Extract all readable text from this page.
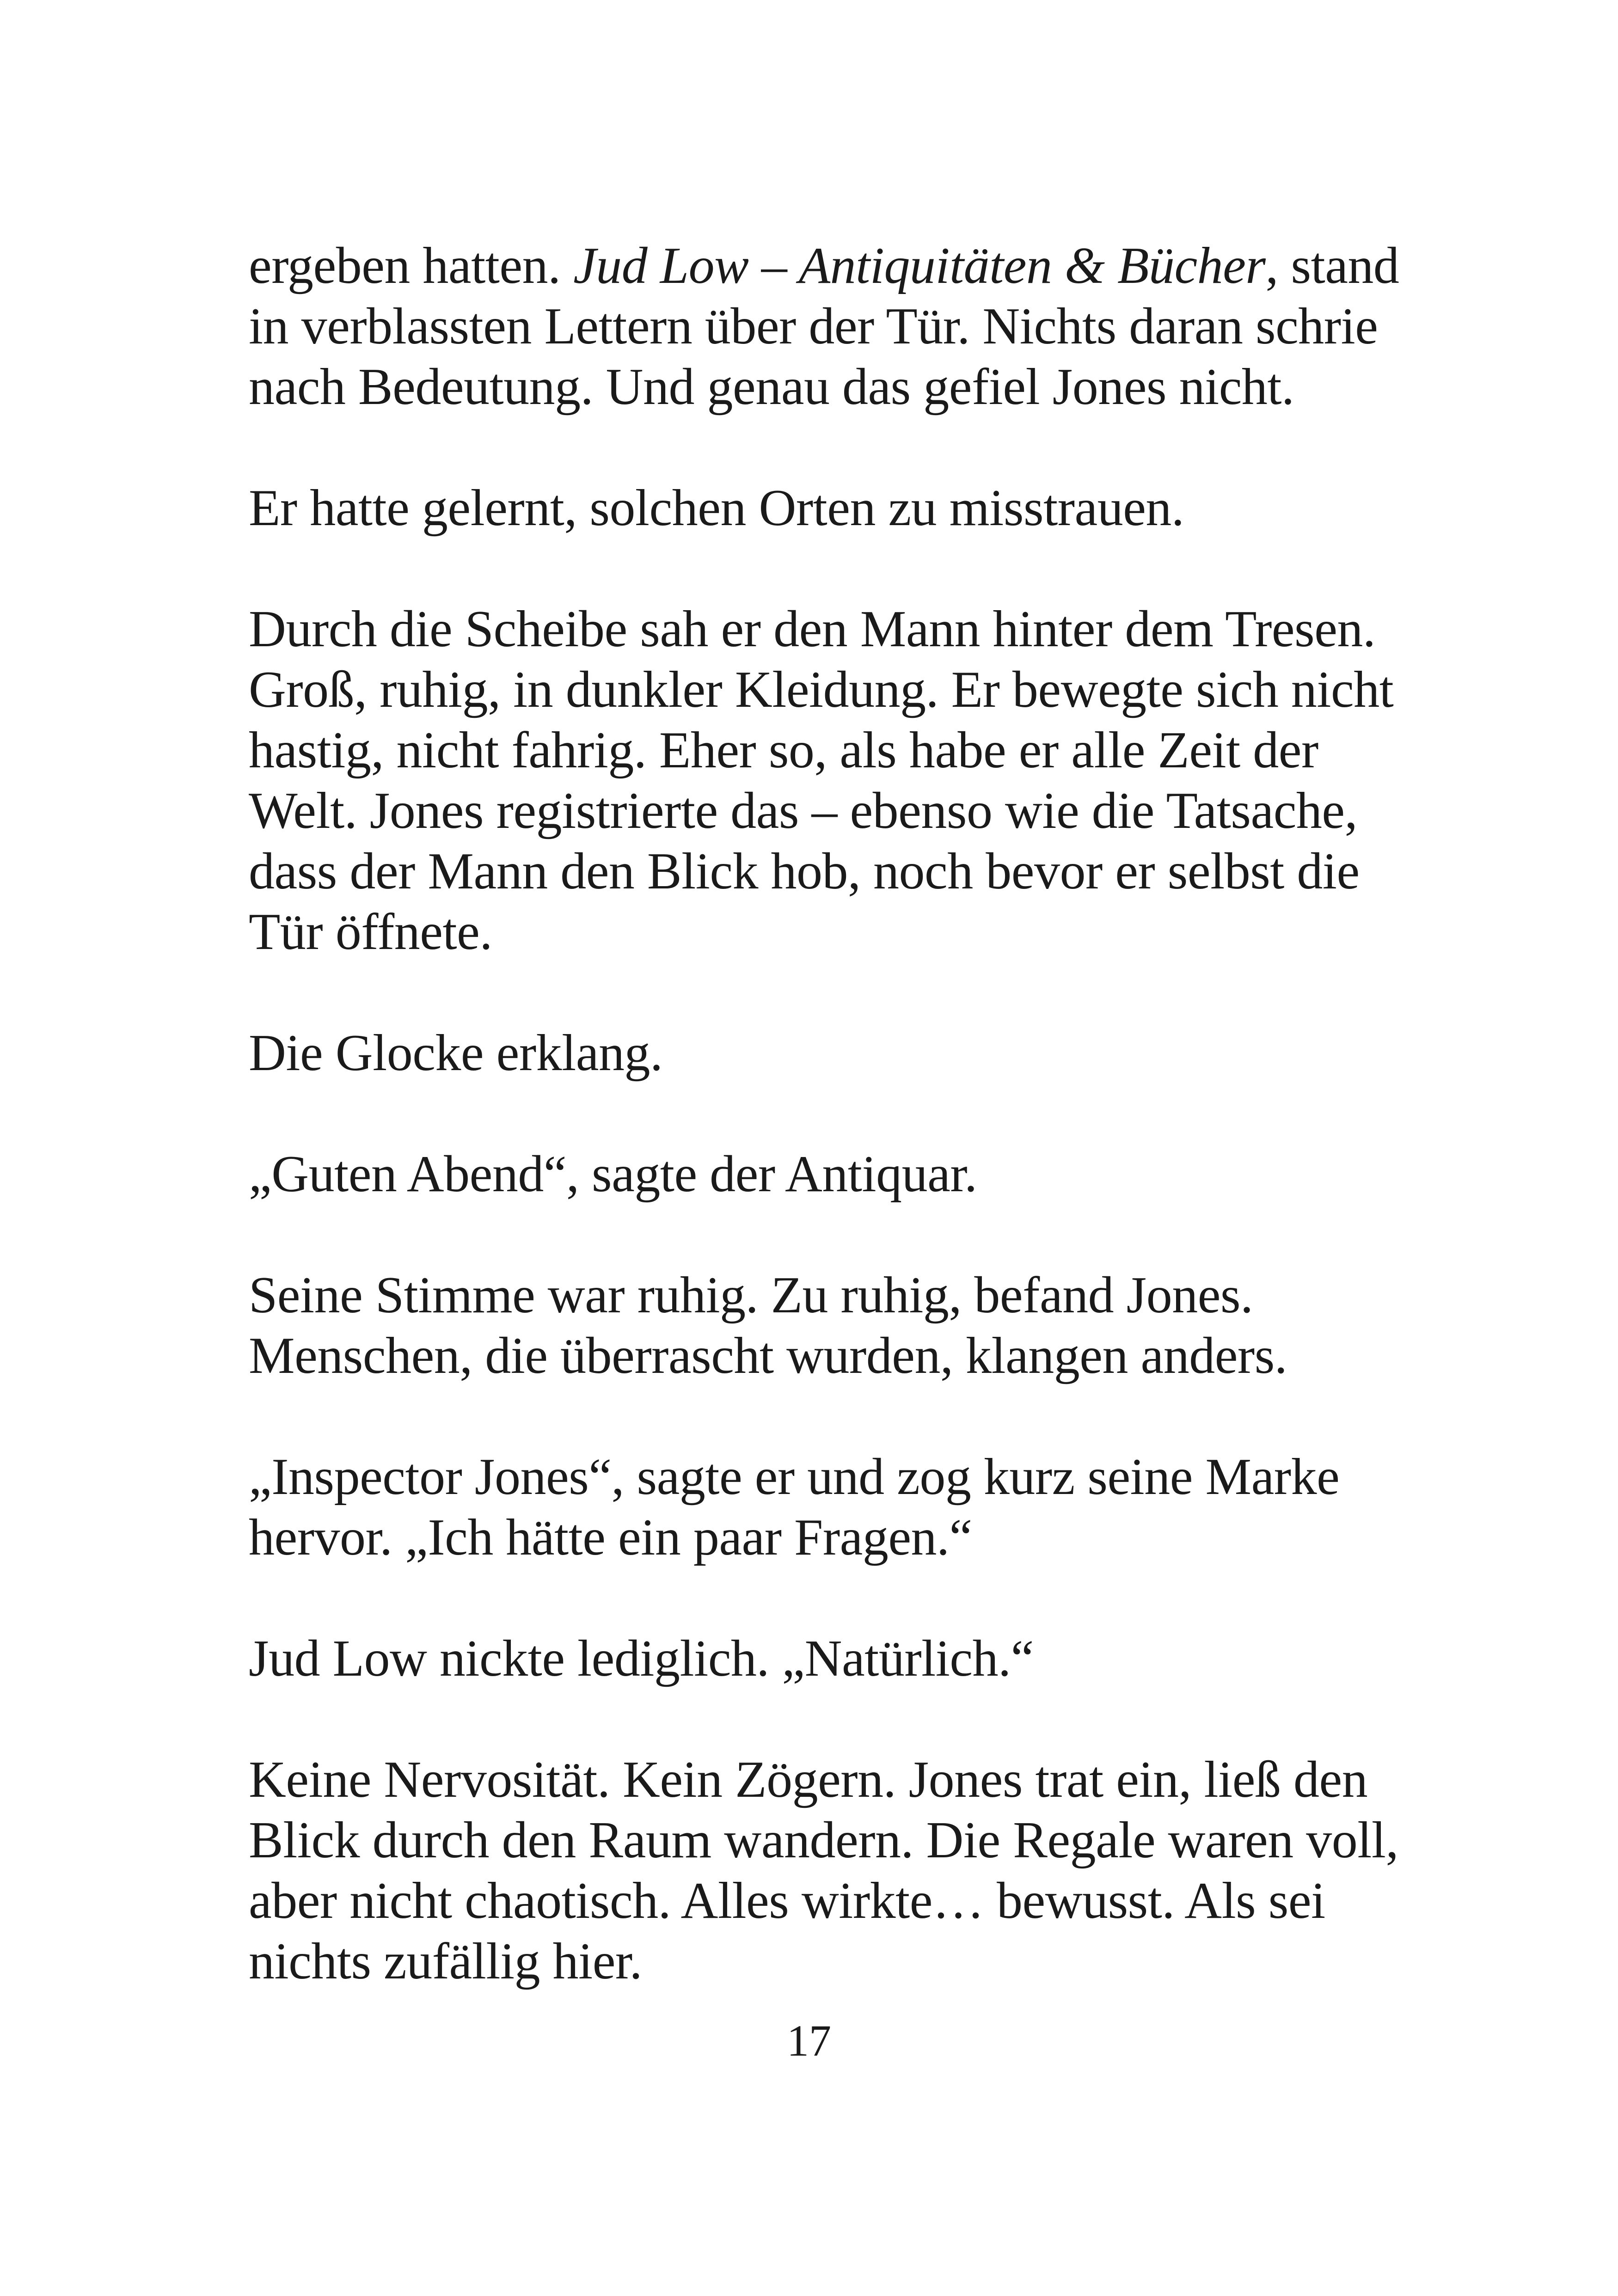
ergeben hatten. Jud Low – Antiquitäten & Bücher, stand in verblassten Lettern über der Tür. Nichts daran schrie nach Bedeutung. Und genau das gefiel Jones nicht.

Er hatte gelernt, solchen Orten zu misstrauen.

Durch die Scheibe sah er den Mann hinter dem Tresen. Groß, ruhig, in dunkler Kleidung. Er bewegte sich nicht hastig, nicht fahrig. Eher so, als habe er alle Zeit der Welt. Jones registrierte das – ebenso wie die Tatsache, dass der Mann den Blick hob, noch bevor er selbst die Tür öffnete.

Die Glocke erklang.

„Guten Abend“, sagte der Antiquar.

Seine Stimme war ruhig. Zu ruhig, befand Jones. Menschen, die überrascht wurden, klangen anders.

„Inspector Jones“, sagte er und zog kurz seine Marke hervor. „Ich hätte ein paar Fragen.“

Jud Low nickte lediglich. „Natürlich.“

Keine Nervosität. Kein Zögern. Jones trat ein, ließ den Blick durch den Raum wandern. Die Regale waren voll, aber nicht chaotisch. Alles wirkte… bewusst. Als sei nichts zufällig hier.

17
